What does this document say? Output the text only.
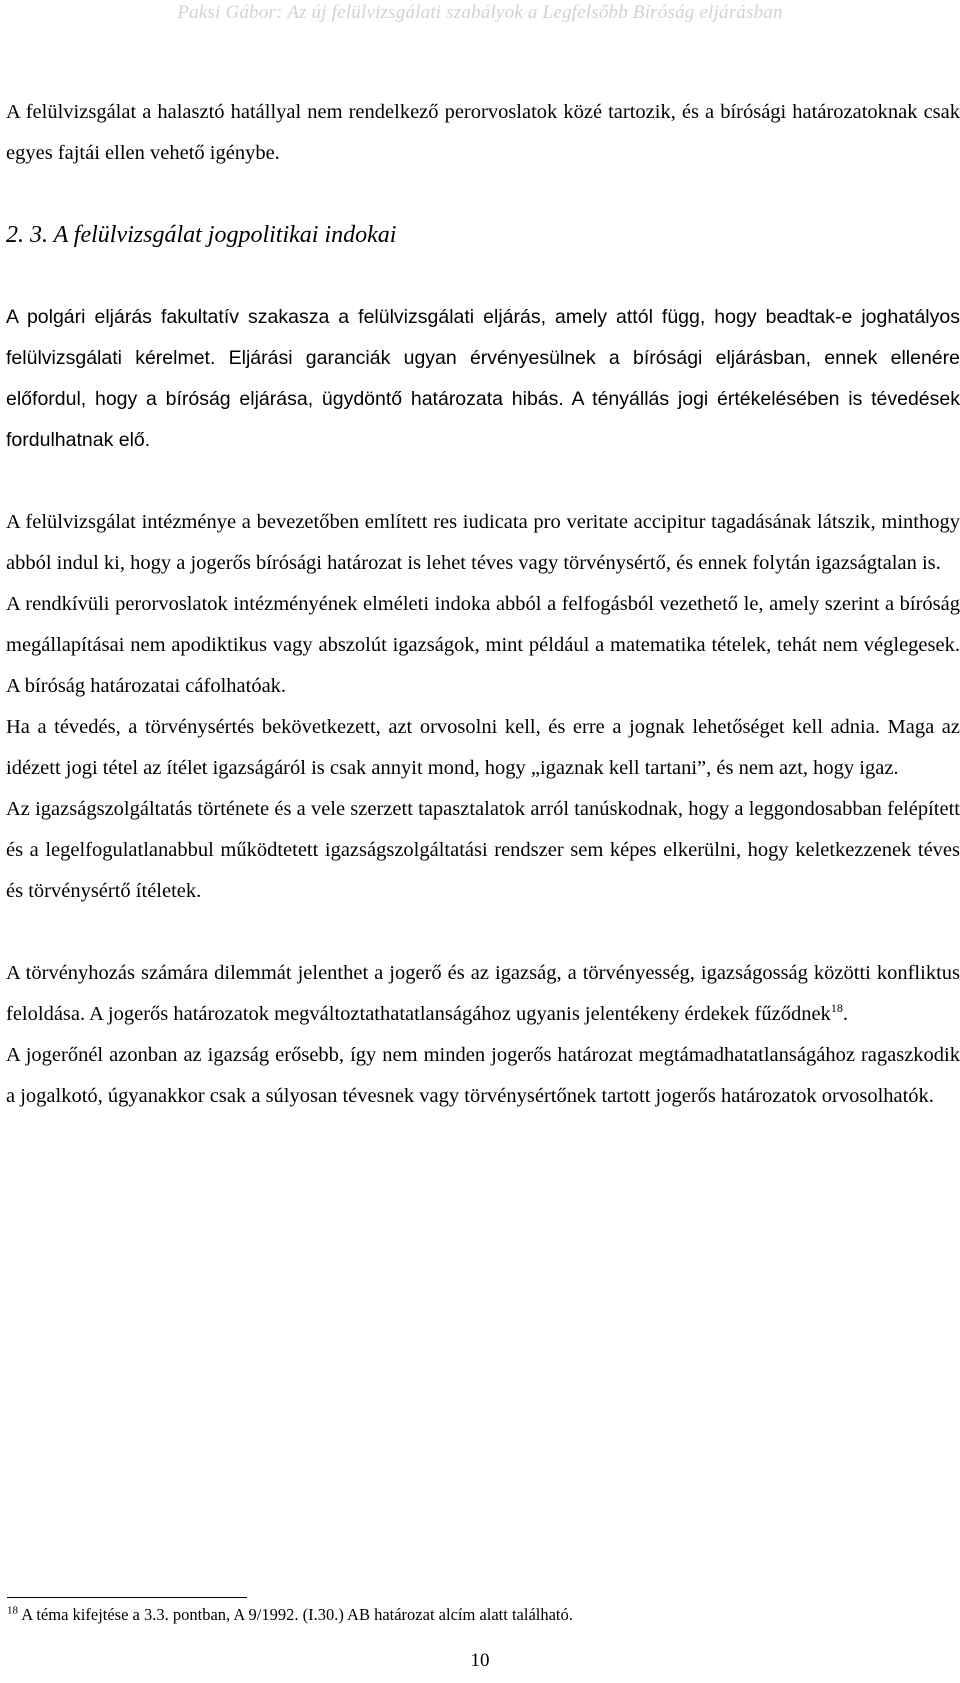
Paksi Gábor: Az új felülvizsgálati szabályok a Legfelsőbb Bíróság eljárásban

A felülvizsgálat a halasztó hatállyal nem rendelkező perorvoslatok közé tartozik, és a bírósági határozatoknak csak egyes fajtái ellen vehető igénybe.

2. 3. A felülvizsgálat jogpolitikai indokai

A polgári eljárás fakultatív szakasza a felülvizsgálati eljárás, amely attól függ, hogy beadtak-e joghatályos felülvizsgálati kérelmet. Eljárási garanciák ugyan érvényesülnek a bírósági eljárásban, ennek ellenére előfordul, hogy a bíróság eljárása, ügydöntő határozata hibás. A tényállás jogi értékelésében is tévedések fordulhatnak elő.

A felülvizsgálat intézménye a bevezetőben említett res iudicata pro veritate accipitur tagadásának látszik, minthogy abból indul ki, hogy a jogerős bírósági határozat is lehet téves vagy törvénysértő, és ennek folytán igazságtalan is.

A rendkívüli perorvoslatok intézményének elméleti indoka abból a felfogásból vezethető le, amely szerint a bíróság megállapításai nem apodiktikus vagy abszolút igazságok, mint például a matematika tételek, tehát nem véglegesek. A bíróság határozatai cáfolhatóak.

Ha a tévedés, a törvénysértés bekövetkezett, azt orvosolni kell, és erre a jognak lehetőséget kell adnia. Maga az idézett jogi tétel az ítélet igazságáról is csak annyit mond, hogy „igaznak kell tartani”, és nem azt, hogy igaz.

Az igazságszolgáltatás története és a vele szerzett tapasztalatok arról tanúskodnak, hogy a leggondosabban felépített és a legelfogulatlanabbul működtetett igazságszolgáltatási rendszer sem képes elkerülni, hogy keletkezzenek téves és törvénysértő ítéletek.

A törvényhozás számára dilemmát jelenthet a jogerő és az igazság, a törvényesség, igazságosság közötti konfliktus feloldása. A jogerős határozatok megváltoztathatatlanságához ugyanis jelentékeny érdekek fűződnek$^{18}$.

A jogerőnél azonban az igazság erősebb, így nem minden jogerős határozat megtámadhatatlanságához ragaszkodik a jogalkotó, úgyanakkor csak a súlyosan tévesnek vagy törvénysértőnek tartott jogerős határozatok orvosolhatók.

$^{18}$ A téma kifejtése a 3.3. pontban, A 9/1992. (I.30.) AB határozat alcím alatt található.
10
